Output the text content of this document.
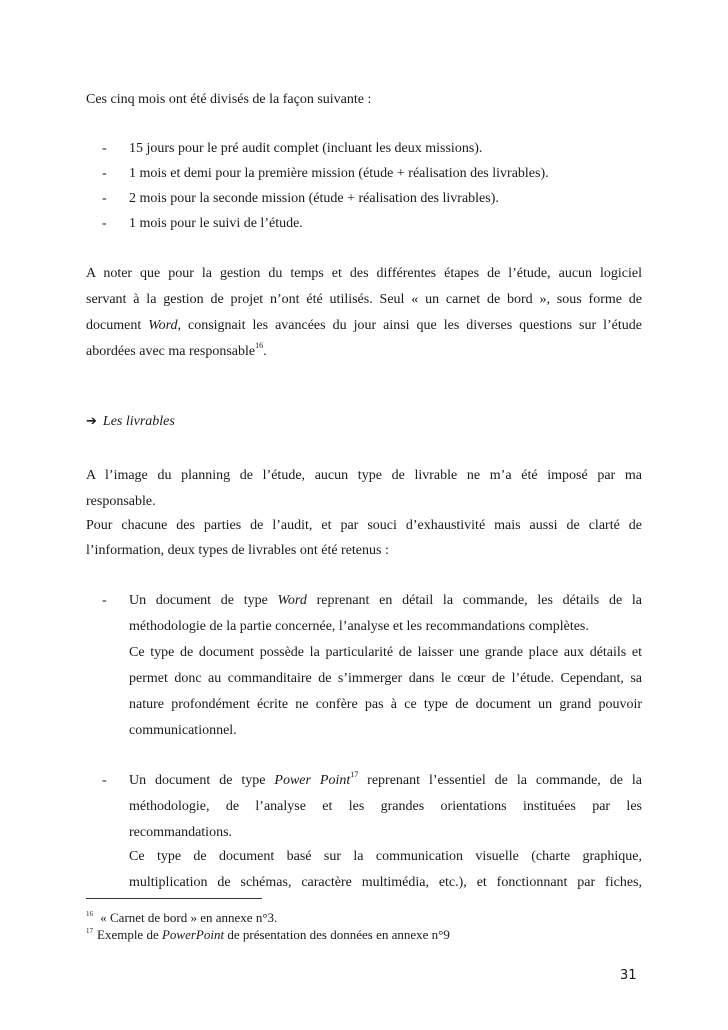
Ces cinq mois ont été divisés de la façon suivante :
- 15 jours pour le pré audit complet (incluant les deux missions).
- 1 mois et demi pour la première mission (étude + réalisation des livrables).
- 2 mois pour la seconde mission (étude + réalisation des livrables).
- 1 mois pour le suivi de l’étude.
A noter que pour la gestion du temps et des différentes étapes de l’étude, aucun logiciel
servant à la gestion de projet n’ont été utilisés. Seul « un carnet de bord », sous forme de
document Word, consignait les avancées du jour ainsi que les diverses questions sur l’étude
abordées avec ma responsable$^{16}$.
➔ Les livrables
A l’image du planning de l’étude, aucun type de livrable ne m’a été imposé par ma
responsable.
Pour chacune des parties de l’audit, et par souci d’exhaustivité mais aussi de clarté de
l’information, deux types de livrables ont été retenus :
- Un document de type Word reprenant en détail la commande, les détails de la
méthodologie de la partie concernée, l’analyse et les recommandations complètes.
Ce type de document possède la particularité de laisser une grande place aux détails et
permet donc au commanditaire de s’immerger dans le cœur de l’étude. Cependant, sa
nature profondément écrite ne confère pas à ce type de document un grand pouvoir
communicationnel.
- Un document de type Power Point$^{17}$ reprenant l’essentiel de la commande, de la
méthodologie, de l’analyse et les grandes orientations instituées par les
recommandations.
Ce type de document basé sur la communication visuelle (charte graphique,
multiplication de schémas, caractère multimédia, etc.), et fonctionnant par fiches,
$^{16}$ « Carnet de bord » en annexe n°3.
$^{17}$ Exemple de PowerPoint de présentation des données en annexe n°9
31
